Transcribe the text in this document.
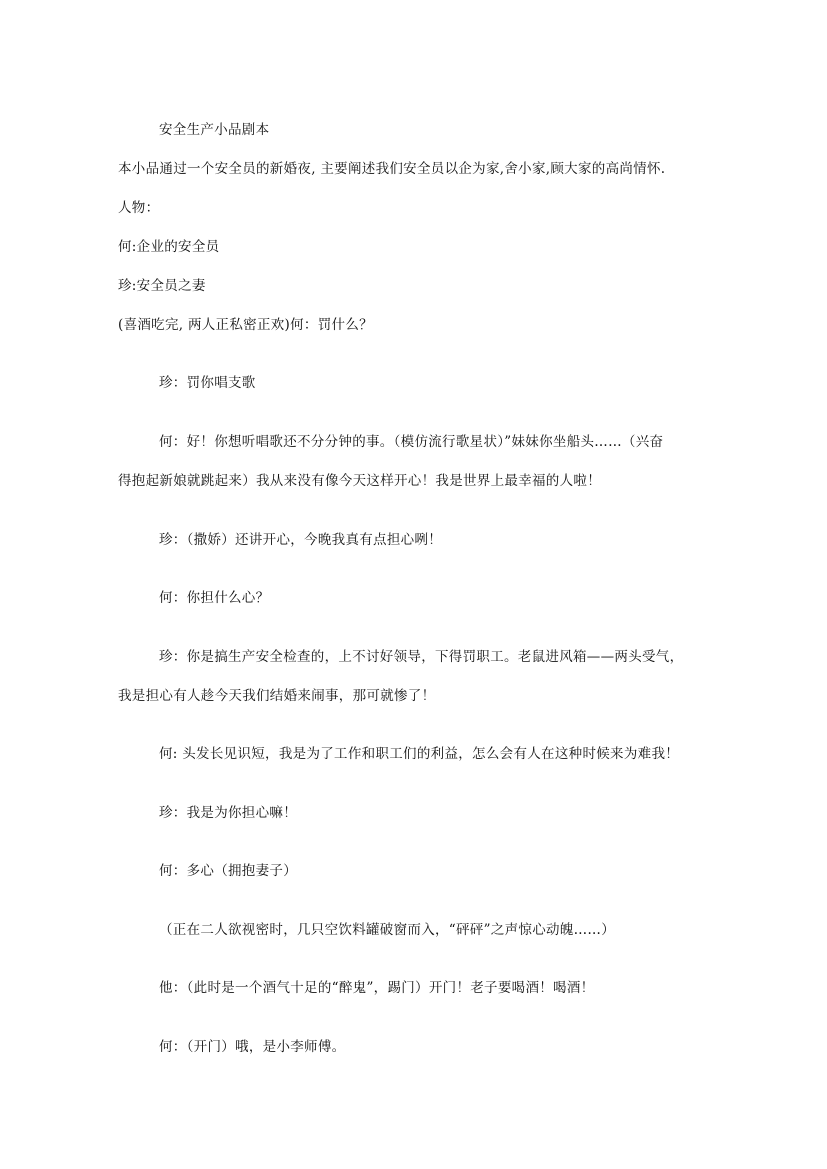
安全生产小品剧本
本小品通过一个安全员的新婚夜, 主要阐述我们安全员以企为家,舍小家,顾大家的高尚情怀.
人物：
何:企业的安全员
珍:安全员之妻
(喜酒吃完, 两人正私密正欢)何：罚什么？
珍：罚你唱支歌
何：好！你想听唱歌还不分分钟的事。（模仿流行歌星状）”妹妹你坐船头……（兴奋
得抱起新娘就跳起来）我从来没有像今天这样开心！我是世界上最幸福的人啦！
珍：（撒娇）还讲开心，今晚我真有点担心咧！
何：你担什么心？
珍：你是搞生产安全检查的，上不讨好领导，下得罚职工。老鼠进风箱——两头受气，
我是担心有人趁今天我们结婚来闹事，那可就惨了！
何: 头发长见识短，我是为了工作和职工们的利益，怎么会有人在这种时候来为难我！
珍：我是为你担心嘛！
何：多心（拥抱妻子）
（正在二人欲视密时，几只空饮料罐破窗而入，“砰砰”之声惊心动魄……）
他：（此时是一个酒气十足的“醉鬼”，踢门）开门！老子要喝酒！喝酒！
何：（开门）哦，是小李师傅。
